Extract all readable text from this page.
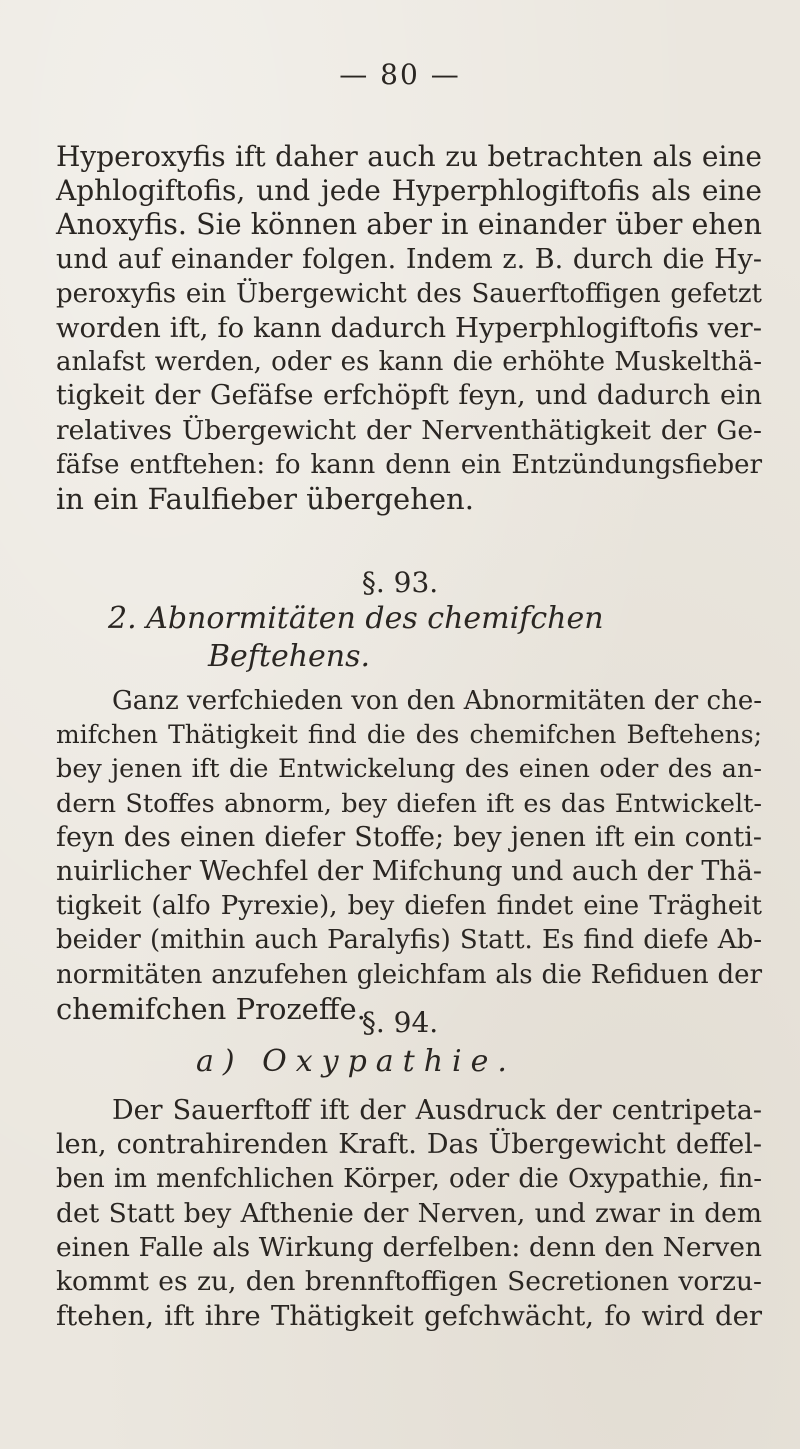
— 80 —
Hyperoxyfis ift daher auch zu betrachten als eine
Aphlogiftofis, und jede Hyperphlogiftofis als eine
Anoxyfis. Sie können aber in einander über ehen
und auf einander folgen. Indem z. B. durch die Hy-
peroxyfis ein Übergewicht des Sauerftoffigen gefetzt
worden ift, fo kann dadurch Hyperphlogiftofis ver-
anlafst werden, oder es kann die erhöhte Muskelthä-
tigkeit der Gefäfse erfchöpft feyn, und dadurch ein
relatives Übergewicht der Nerventhätigkeit der Ge-
fäfse entftehen: fo kann denn ein Entzündungsfieber
in ein Faulfieber übergehen.
§. 93.
2. Abnormitäten des chemifchen
Beftehens.
Ganz verfchieden von den Abnormitäten der che-
mifchen Thätigkeit find die des chemifchen Beftehens;
bey jenen ift die Entwickelung des einen oder des an-
dern Stoffes abnorm, bey diefen ift es das Entwickelt-
feyn des einen diefer Stoffe; bey jenen ift ein conti-
nuirlicher Wechfel der Mifchung und auch der Thä-
tigkeit (alfo Pyrexie), bey diefen findet eine Trägheit
beider (mithin auch Paralyfis) Statt. Es find diefe Ab-
normitäten anzufehen gleichfam als die Refiduen der
chemifchen Prozeffe.
§. 94.
a) Oxypathie.
Der Sauerftoff ift der Ausdruck der centripeta-
len, contrahirenden Kraft. Das Übergewicht deffel-
ben im menfchlichen Körper, oder die Oxypathie, fin-
det Statt bey Afthenie der Nerven, und zwar in dem
einen Falle als Wirkung derfelben: denn den Nerven
kommt es zu, den brennftoffigen Secretionen vorzu-
ftehen, ift ihre Thätigkeit gefchwächt, fo wird der
